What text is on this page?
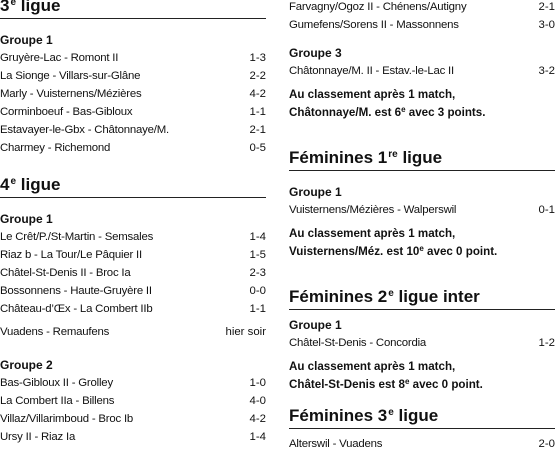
3e ligue
Groupe 1
Gruyère-Lac - Romont II	1-3
La Sionge - Villars-sur-Glâne	2-2
Marly - Vuisternens/Mézières	4-2
Corminboeuf - Bas-Gibloux	1-1
Estavayer-le-Gbx - Châtonnaye/M.	2-1
Charmey - Richemond	0-5
4e ligue
Groupe 1
Le Crêt/P./St-Martin - Semsales	1-4
Riaz b - La Tour/Le Pâquier II	1-5
Châtel-St-Denis II - Broc Ia	2-3
Bossonnens - Haute-Gruyère II	0-0
Château-d’Œx - La Combert IIb	1-1
Vuadens - Remaufens	hier soir
Groupe 2
Bas-Gibloux II - Grolley	1-0
La Combert IIa - Billens	4-0
Villaz/Villarimboud - Broc Ib	4-2
Ursy II - Riaz Ia	1-4
Farvagny/Ogoz II - Chénens/Autigny	2-1
Gumefens/Sorens II - Massonnens	3-0
Groupe 3
Châtonnaye/M. II - Estav.-le-Lac II	3-2
Au classement après 1 match,
Châtonnaye/M. est 6e avec 3 points.
Féminines 1re ligue
Groupe 1
Vuisternens/Mézières - Walperswil	0-1
Au classement après 1 match,
Vuisternens/Méz. est 10e avec 0 point.
Féminines 2e ligue inter
Groupe 1
Châtel-St-Denis - Concordia	1-2
Au classement après 1 match,
Châtel-St-Denis est 8e avec 0 point.
Féminines 3e ligue
Alterswil - Vuadens	2-0
